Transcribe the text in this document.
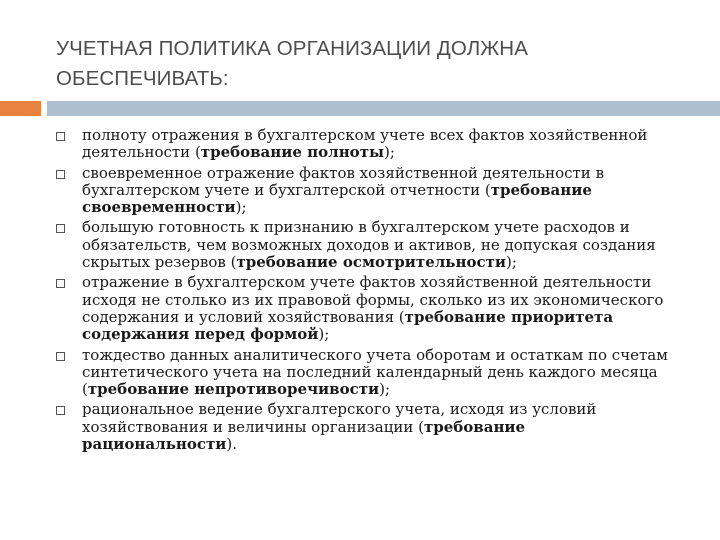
УЧЕТНАЯ ПОЛИТИКА ОРГАНИЗАЦИИ ДОЛЖНА
ОБЕСПЕЧИВАТЬ:
полноту отражения в бухгалтерском учете всех фактов хозяйственной деятельности (требование полноты);
своевременное отражение фактов хозяйственной деятельности в бухгалтерском учете и бухгалтерской отчетности (требование своевременности);
большую готовность к признанию в бухгалтерском учете расходов и обязательств, чем возможных доходов и активов, не допуская создания скрытых резервов (требование осмотрительности);
отражение в бухгалтерском учете фактов хозяйственной деятельности исходя не столько из их правовой формы, сколько из их экономического содержания и условий хозяйствования (требование приоритета содержания перед формой);
тождество данных аналитического учета оборотам и остаткам по счетам синтетического учета на последний календарный день каждого месяца (требование непротиворечивости);
рациональное ведение бухгалтерского учета, исходя из условий хозяйствования и величины организации (требование рациональности).
